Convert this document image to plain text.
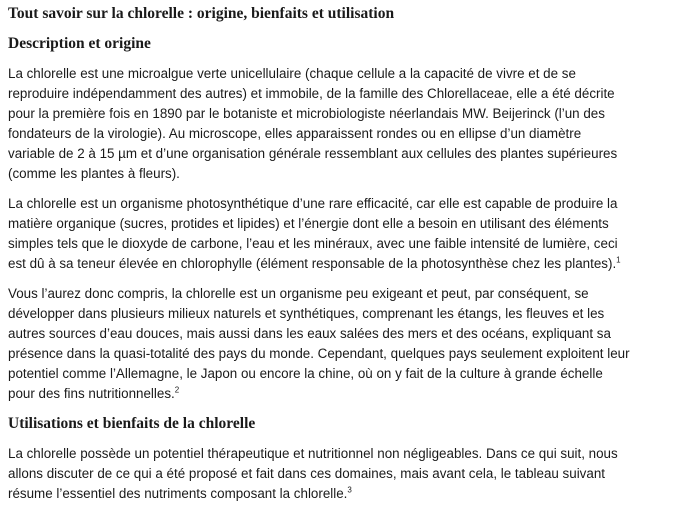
Tout savoir sur la chlorelle : origine, bienfaits et utilisation
Description et origine
La chlorelle est une microalgue verte unicellulaire (chaque cellule a la capacité de vivre et de se
reproduire indépendamment des autres) et immobile, de la famille des Chlorellaceae, elle a été décrite
pour la première fois en 1890 par le botaniste et microbiologiste néerlandais MW. Beijerinck (l’un des
fondateurs de la virologie). Au microscope, elles apparaissent rondes ou en ellipse d’un diamètre
variable de 2 à 15 µm et d’une organisation générale ressemblant aux cellules des plantes supérieures
(comme les plantes à fleurs).
La chlorelle est un organisme photosynthétique d’une rare efficacité, car elle est capable de produire la
matière organique (sucres, protides et lipides) et l’énergie dont elle a besoin en utilisant des éléments
simples tels que le dioxyde de carbone, l’eau et les minéraux, avec une faible intensité de lumière, ceci
est dû à sa teneur élevée en chlorophylle (élément responsable de la photosynthèse chez les plantes).$^1$
Vous l’aurez donc compris, la chlorelle est un organisme peu exigeant et peut, par conséquent, se
développer dans plusieurs milieux naturels et synthétiques, comprenant les étangs, les fleuves et les
autres sources d’eau douces, mais aussi dans les eaux salées des mers et des océans, expliquant sa
présence dans la quasi-totalité des pays du monde. Cependant, quelques pays seulement exploitent leur
potentiel comme l’Allemagne, le Japon ou encore la chine, où on y fait de la culture à grande échelle
pour des fins nutritionnelles.$^2$
Utilisations et bienfaits de la chlorelle
La chlorelle possède un potentiel thérapeutique et nutritionnel non négligeables. Dans ce qui suit, nous
allons discuter de ce qui a été proposé et fait dans ces domaines, mais avant cela, le tableau suivant
résume l’essentiel des nutriments composant la chlorelle.$^3$
